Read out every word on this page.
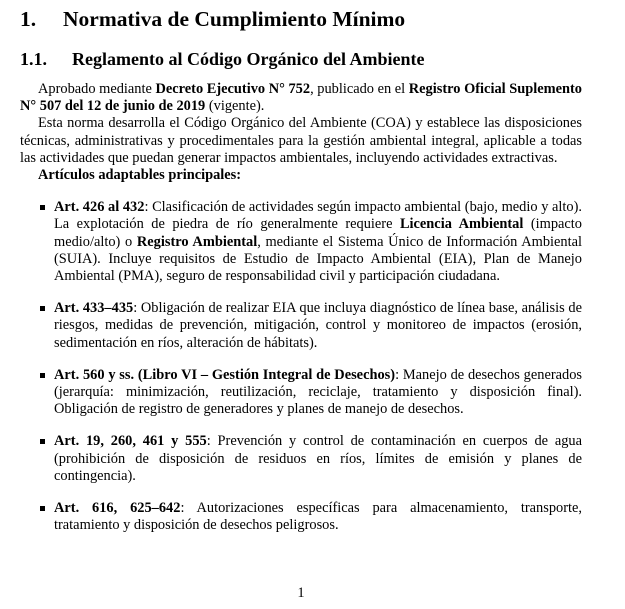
1. Normativa de Cumplimiento Mínimo
1.1. Reglamento al Código Orgánico del Ambiente

Aprobado mediante Decreto Ejecutivo N° 752, publicado en el Registro Oficial Suplemento N° 507 del 12 de junio de 2019 (vigente).

Esta norma desarrolla el Código Orgánico del Ambiente (COA) y establece las disposiciones técnicas, administrativas y procedimentales para la gestión ambiental integral, aplicable a todas las actividades que puedan generar impactos ambientales, incluyendo actividades extractivas.

Artículos adaptables principales:

Art. 426 al 432: Clasificación de actividades según impacto ambiental (bajo, medio y alto). La explotación de piedra de río generalmente requiere Licencia Ambiental (impacto medio/alto) o Registro Ambiental, mediante el Sistema Único de Información Ambiental (SUIA). Incluye requisitos de Estudio de Impacto Ambiental (EIA), Plan de Manejo Ambiental (PMA), seguro de responsabilidad civil y participación ciudadana.
Art. 433–435: Obligación de realizar EIA que incluya diagnóstico de línea base, análisis de riesgos, medidas de prevención, mitigación, control y monitoreo de impactos (erosión, sedimentación en ríos, alteración de hábitats).
Art. 560 y ss. (Libro VI – Gestión Integral de Desechos): Manejo de desechos generados (jerarquía: minimización, reutilización, reciclaje, tratamiento y disposición final). Obligación de registro de generadores y planes de manejo de desechos.
Art. 19, 260, 461 y 555: Prevención y control de contaminación en cuerpos de agua (prohibición de disposición de residuos en ríos, límites de emisión y planes de contingencia).
Art. 616, 625–642: Autorizaciones específicas para almacenamiento, transporte, tratamiento y disposición de desechos peligrosos.
1
